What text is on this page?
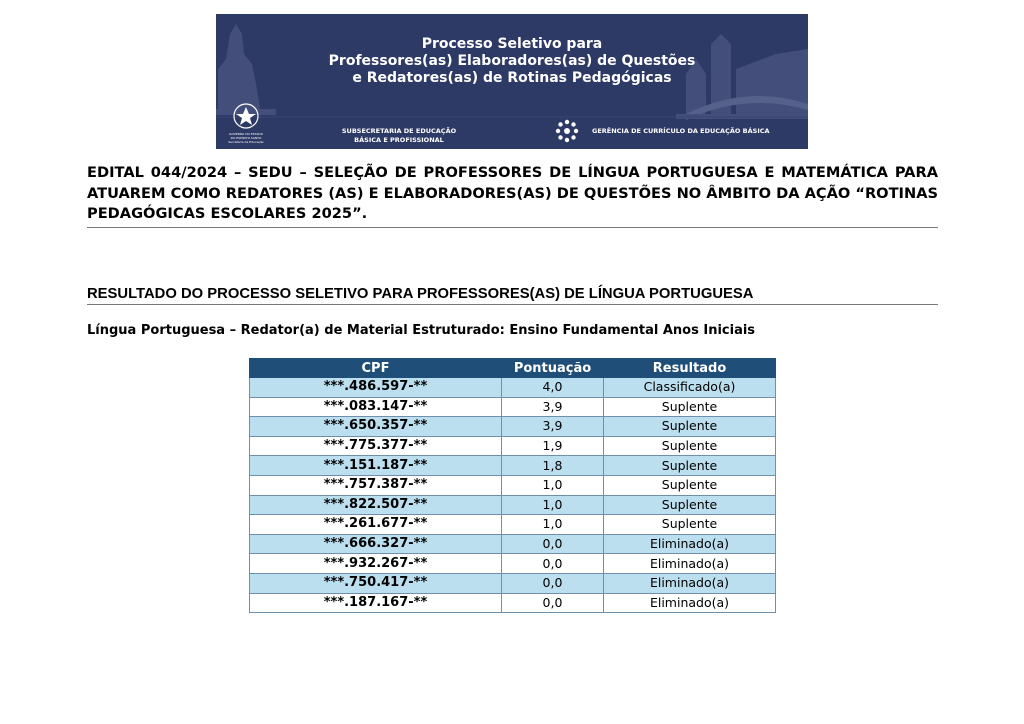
Processo Seletivo para
Professores(as) Elaboradores(as) de Questões
e Redatores(as) de Rotinas Pedagógicas
GOVERNO DO ESTADO
DO ESPÍRITO SANTO
Secretaria da Educação
SUBSECRETARIA DE EDUCAÇÃO
BÁSICA E PROFISSIONAL
GERÊNCIA DE CURRÍCULO DA EDUCAÇÃO BÁSICA

EDITAL 044/2024 – SEDU – SELEÇÃO DE PROFESSORES DE LÍNGUA PORTUGUESA E MATEMÁTICA PARA ATUAREM COMO REDATORES (AS) E ELABORADORES(AS) DE QUESTÕES NO ÂMBITO DA AÇÃO “ROTINAS PEDAGÓGICAS ESCOLARES 2025”.

RESULTADO DO PROCESSO SELETIVO PARA PROFESSORES(AS) DE LÍNGUA PORTUGUESA

Língua Portuguesa – Redator(a) de Material Estruturado: Ensino Fundamental Anos Iniciais

CPF	Pontuação	Resultado
***.486.597-**	4,0	Classificado(a)
***.083.147-**	3,9	Suplente
***.650.357-**	3,9	Suplente
***.775.377-**	1,9	Suplente
***.151.187-**	1,8	Suplente
***.757.387-**	1,0	Suplente
***.822.507-**	1,0	Suplente
***.261.677-**	1,0	Suplente
***.666.327-**	0,0	Eliminado(a)
***.932.267-**	0,0	Eliminado(a)
***.750.417-**	0,0	Eliminado(a)
***.187.167-**	0,0	Eliminado(a)
